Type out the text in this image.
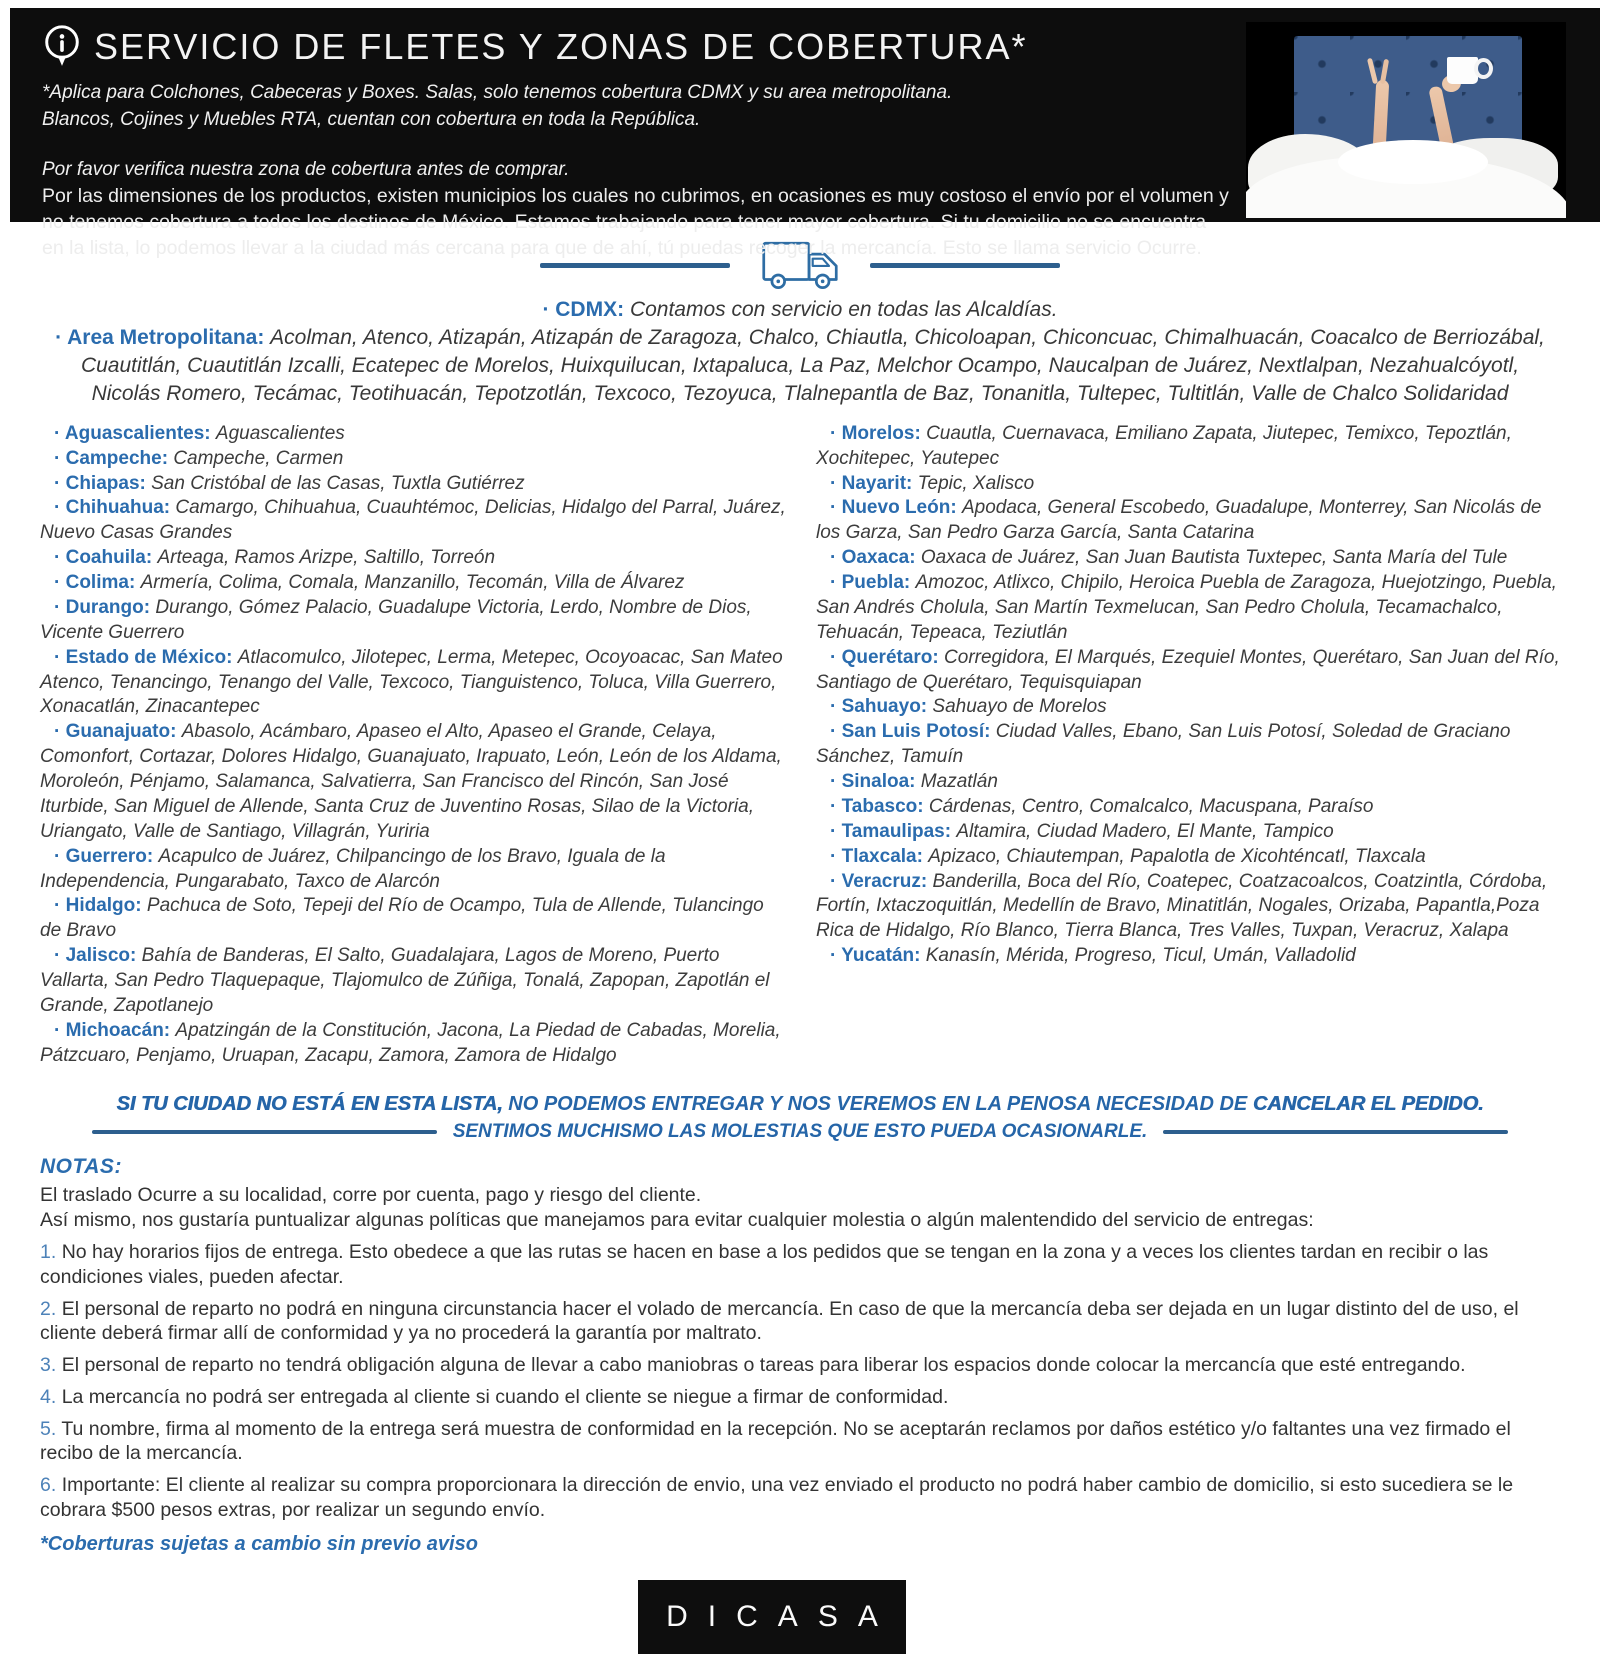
SERVICIO DE FLETES Y ZONAS DE COBERTURA*

*Aplica para Colchones, Cabeceras y Boxes. Salas, solo tenemos cobertura CDMX y su area metropolitana.

Blancos, Cojines y Muebles RTA, cuentan con cobertura en toda la República.

Por favor verifica nuestra zona de cobertura antes de comprar.

Por las dimensiones de los productos, existen municipios los cuales no cubrimos, en ocasiones es muy costoso el envío por el volumen y no tenemos cobertura a todos los destinos de México. Estamos trabajando para tener mayor cobertura. Si tu domicilio no se encuentra en la lista, lo podemos llevar a la ciudad más cercana para que de ahí, tú puedas recoger la mercancía. Esto se llama servicio Ocurre.

· CDMX: Contamos con servicio en todas las Alcaldías.

· Area Metropolitana: Acolman, Atenco, Atizapán, Atizapán de Zaragoza, Chalco, Chiautla, Chicoloapan, Chiconcuac, Chimalhuacán, Coacalco de Berriozábal, Cuautitlán, Cuautitlán Izcalli, Ecatepec de Morelos, Huixquilucan, Ixtapaluca, La Paz, Melchor Ocampo, Naucalpan de Juárez, Nextlalpan, Nezahualcóyotl, Nicolás Romero, Tecámac, Teotihuacán, Tepotzotlán, Texcoco, Tezoyuca, Tlalnepantla de Baz, Tonanitla, Tultepec, Tultitlán, Valle de Chalco Solidaridad

· Aguascalientes: Aguascalientes

· Campeche: Campeche, Carmen

· Chiapas: San Cristóbal de las Casas, Tuxtla Gutiérrez

· Chihuahua: Camargo, Chihuahua, Cuauhtémoc, Delicias, Hidalgo del Parral, Juárez, Nuevo Casas Grandes

· Coahuila: Arteaga, Ramos Arizpe, Saltillo, Torreón

· Colima: Armería, Colima, Comala, Manzanillo, Tecomán, Villa de Álvarez

· Durango: Durango, Gómez Palacio, Guadalupe Victoria, Lerdo, Nombre de Dios, Vicente Guerrero

· Estado de México: Atlacomulco, Jilotepec, Lerma, Metepec, Ocoyoacac, San Mateo Atenco, Tenancingo, Tenango del Valle, Texcoco, Tianguistenco, Toluca, Villa Guerrero, Xonacatlán, Zinacantepec

· Guanajuato: Abasolo, Acámbaro, Apaseo el Alto, Apaseo el Grande, Celaya, Comonfort, Cortazar, Dolores Hidalgo, Guanajuato, Irapuato, León, León de los Aldama, Moroleón, Pénjamo, Salamanca, Salvatierra, San Francisco del Rincón, San José Iturbide, San Miguel de Allende, Santa Cruz de Juventino Rosas, Silao de la Victoria, Uriangato, Valle de Santiago, Villagrán, Yuriria

· Guerrero: Acapulco de Juárez, Chilpancingo de los Bravo, Iguala de la Independencia, Pungarabato, Taxco de Alarcón

· Hidalgo: Pachuca de Soto, Tepeji del Río de Ocampo, Tula de Allende, Tulancingo de Bravo

· Jalisco: Bahía de Banderas, El Salto, Guadalajara, Lagos de Moreno, Puerto Vallarta, San Pedro Tlaquepaque, Tlajomulco de Zúñiga, Tonalá, Zapopan, Zapotlán el Grande, Zapotlanejo

· Michoacán: Apatzingán de la Constitución, Jacona, La Piedad de Cabadas, Morelia, Pátzcuaro, Penjamo, Uruapan, Zacapu, Zamora, Zamora de Hidalgo

· Morelos: Cuautla, Cuernavaca, Emiliano Zapata, Jiutepec, Temixco, Tepoztlán, Xochitepec, Yautepec

· Nayarit: Tepic, Xalisco

· Nuevo León: Apodaca, General Escobedo, Guadalupe, Monterrey, San Nicolás de los Garza, San Pedro Garza García, Santa Catarina

· Oaxaca: Oaxaca de Juárez, San Juan Bautista Tuxtepec, Santa María del Tule

· Puebla: Amozoc, Atlixco, Chipilo, Heroica Puebla de Zaragoza, Huejotzingo, Puebla, San Andrés Cholula, San Martín Texmelucan, San Pedro Cholula, Tecamachalco, Tehuacán, Tepeaca, Teziutlán

· Querétaro: Corregidora, El Marqués, Ezequiel Montes, Querétaro, San Juan del Río, Santiago de Querétaro, Tequisquiapan

· Sahuayo: Sahuayo de Morelos

· San Luis Potosí: Ciudad Valles, Ebano, San Luis Potosí, Soledad de Graciano Sánchez, Tamuín

· Sinaloa: Mazatlán

· Tabasco: Cárdenas, Centro, Comalcalco, Macuspana, Paraíso

· Tamaulipas: Altamira, Ciudad Madero, El Mante, Tampico

· Tlaxcala: Apizaco, Chiautempan, Papalotla de Xicohténcatl, Tlaxcala

· Veracruz: Banderilla, Boca del Río, Coatepec, Coatzacoalcos, Coatzintla, Córdoba, Fortín, Ixtaczoquitlán, Medellín de Bravo, Minatitlán, Nogales, Orizaba, Papantla,Poza Rica de Hidalgo, Río Blanco, Tierra Blanca, Tres Valles, Tuxpan, Veracruz, Xalapa

· Yucatán: Kanasín, Mérida, Progreso, Ticul, Umán, Valladolid

SI TU CIUDAD NO ESTÁ EN ESTA LISTA, NO PODEMOS ENTREGAR Y NOS VEREMOS EN LA PENOSA NECESIDAD DE CANCELAR EL PEDIDO.

SENTIMOS MUCHISMO LAS MOLESTIAS QUE ESTO PUEDA OCASIONARLE.

NOTAS:

El traslado Ocurre a su localidad, corre por cuenta, pago y riesgo del cliente.

Así mismo, nos gustaría puntualizar algunas políticas que manejamos para evitar cualquier molestia o algún malentendido del servicio de entregas:

1. No hay horarios fijos de entrega. Esto obedece a que las rutas se hacen en base a los pedidos que se tengan en la zona y a veces los clientes tardan en recibir o las condiciones viales, pueden afectar.

2. El personal de reparto no podrá en ninguna circunstancia hacer el volado de mercancía. En caso de que la mercancía deba ser dejada en un lugar distinto del de uso, el cliente deberá firmar allí de conformidad y ya no procederá la garantía por maltrato.

3. El personal de reparto no tendrá obligación alguna de llevar a cabo maniobras o tareas para liberar los espacios donde colocar la mercancía que esté entregando.

4. La mercancía no podrá ser entregada al cliente si cuando el cliente se niegue a firmar de conformidad.

5. Tu nombre, firma al momento de la entrega será muestra de conformidad en la recepción. No se aceptarán reclamos por daños estético y/o faltantes una vez firmado el recibo de la mercancía.

6. Importante: El cliente al realizar su compra proporcionara la dirección de envio, una vez enviado el producto no podrá haber cambio de domicilio, si esto sucediera se le cobrara $500 pesos extras, por realizar un segundo envío.

*Coberturas sujetas a cambio sin previo aviso

DICASA
